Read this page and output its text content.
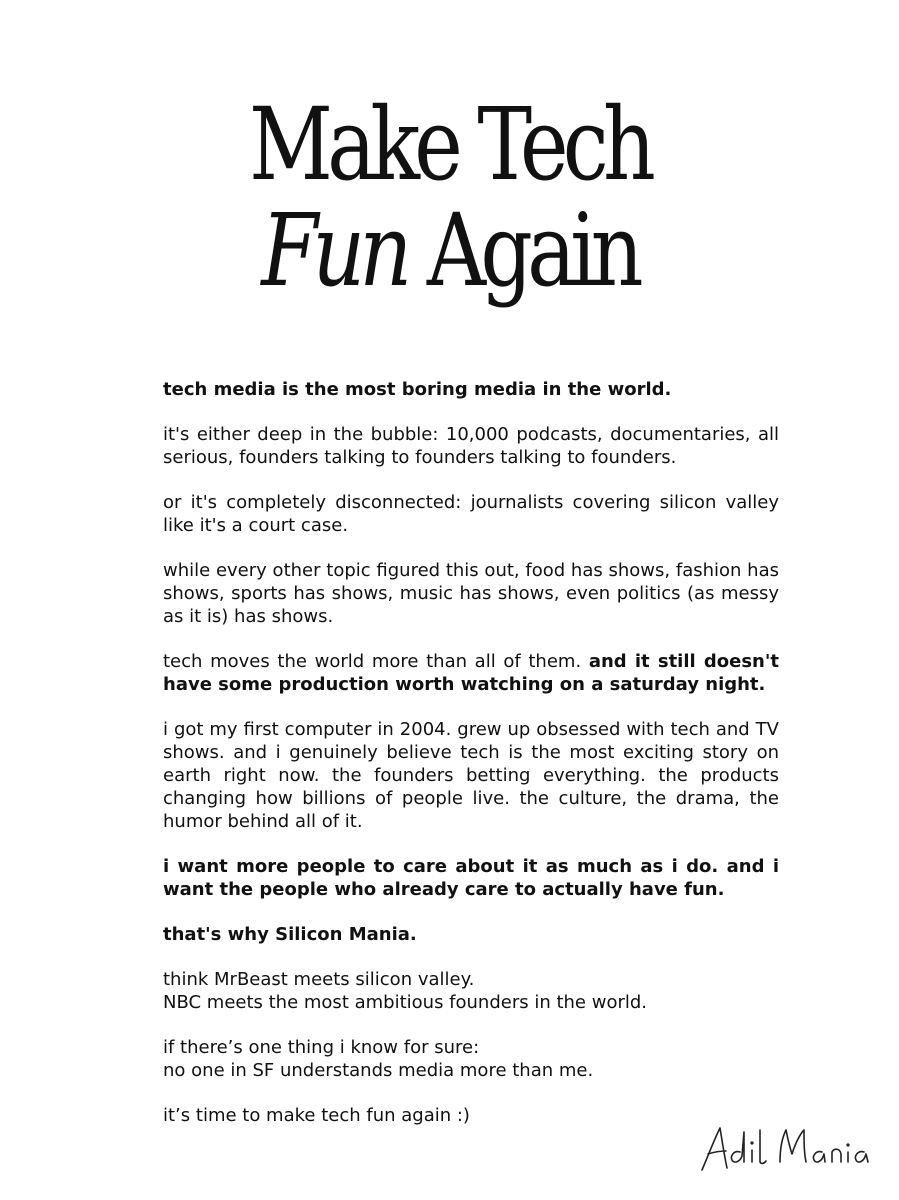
Make Tech
Fun Again

tech media is the most boring media in the world.

it's either deep in the bubble: 10,000 podcasts, documentaries, all serious, founders talking to founders talking to founders.

or it's completely disconnected: journalists covering silicon valley like it's a court case.

while every other topic figured this out, food has shows, fashion has shows, sports has shows, music has shows, even politics (as messy as it is) has shows.

tech moves the world more than all of them. and it still doesn't have some production worth watching on a saturday night.

i got my first computer in 2004. grew up obsessed with tech and TV shows. and i genuinely believe tech is the most exciting story on earth right now. the founders betting everything. the products changing how billions of people live. the culture, the drama, the humor behind all of it.

i want more people to care about it as much as i do. and i want the people who already care to actually have fun.

that's why Silicon Mania.

think MrBeast meets silicon valley.
NBC meets the most ambitious founders in the world.

if there’s one thing i know for sure:
no one in SF understands media more than me.

it’s time to make tech fun again :)
